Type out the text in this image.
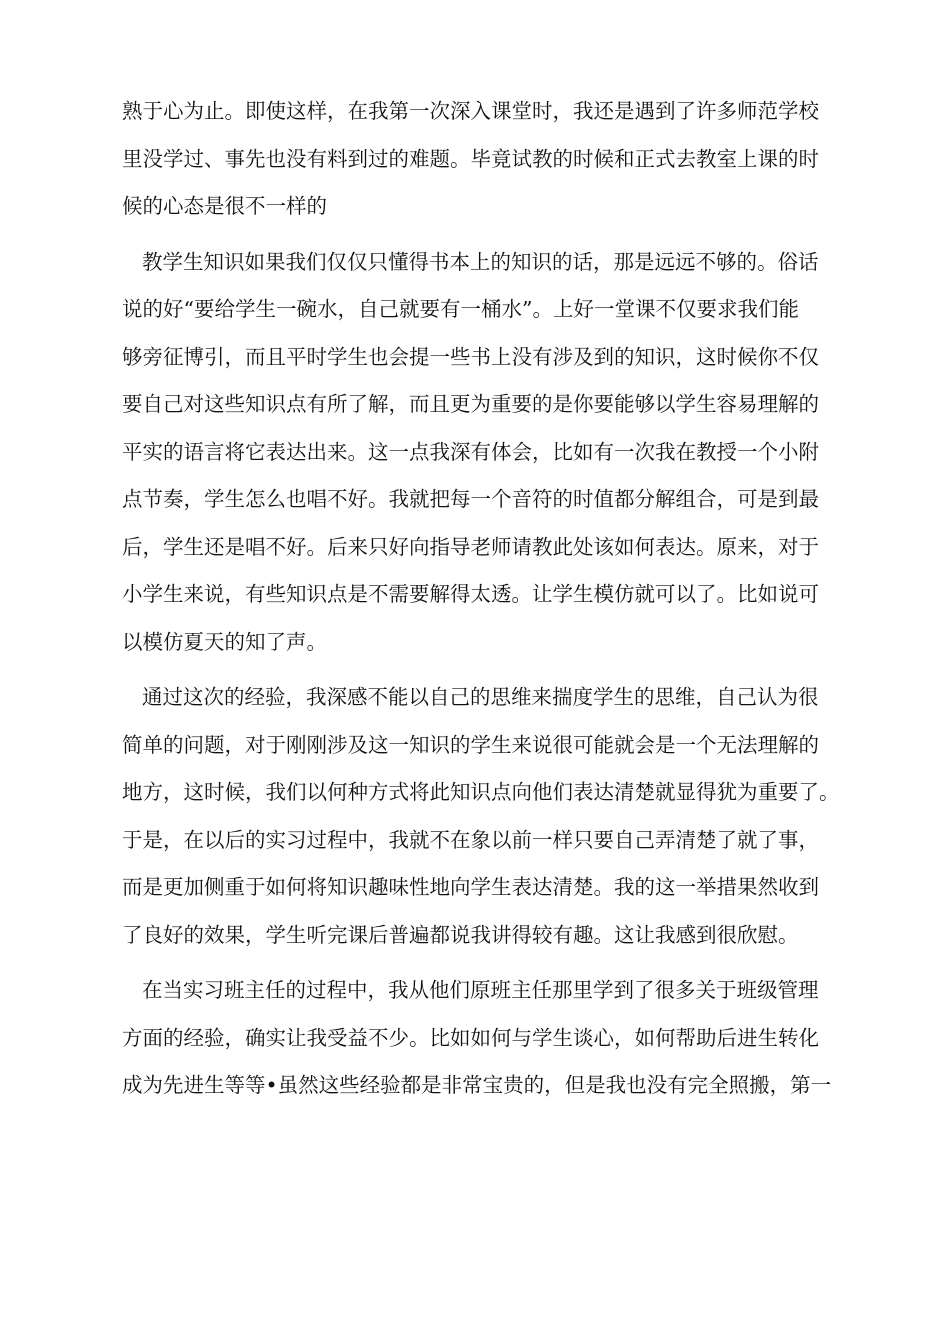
熟于心为止。即使这样，在我第一次深入课堂时，我还是遇到了许多师范学校
里没学过、事先也没有料到过的难题。毕竟试教的时候和正式去教室上课的时
候的心态是很不一样的
教学生知识如果我们仅仅只懂得书本上的知识的话，那是远远不够的。俗话
说的好“要给学生一碗水，自己就要有一桶水”。上好一堂课不仅要求我们能
够旁征博引，而且平时学生也会提一些书上没有涉及到的知识，这时候你不仅
要自己对这些知识点有所了解，而且更为重要的是你要能够以学生容易理解的
平实的语言将它表达出来。这一点我深有体会，比如有一次我在教授一个小附
点节奏，学生怎么也唱不好。我就把每一个音符的时值都分解组合，可是到最
后，学生还是唱不好。后来只好向指导老师请教此处该如何表达。原来，对于
小学生来说，有些知识点是不需要解得太透。让学生模仿就可以了。比如说可
以模仿夏天的知了声。
通过这次的经验，我深感不能以自己的思维来揣度学生的思维，自己认为很
简单的问题，对于刚刚涉及这一知识的学生来说很可能就会是一个无法理解的
地方，这时候，我们以何种方式将此知识点向他们表达清楚就显得犹为重要了。
于是，在以后的实习过程中，我就不在象以前一样只要自己弄清楚了就了事，
而是更加侧重于如何将知识趣味性地向学生表达清楚。我的这一举措果然收到
了良好的效果，学生听完课后普遍都说我讲得较有趣。这让我感到很欣慰。
在当实习班主任的过程中，我从他们原班主任那里学到了很多关于班级管理
方面的经验，确实让我受益不少。比如如何与学生谈心，如何帮助后进生转化
成为先进生等等•虽然这些经验都是非常宝贵的，但是我也没有完全照搬，第一
